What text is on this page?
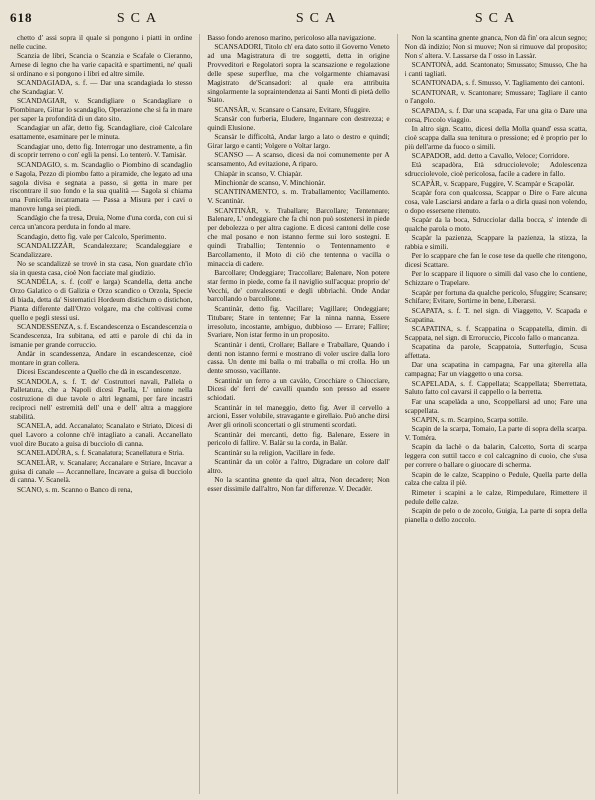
618	SCA	SCA	SCA

chetto d' assi sopra il quale si pongono i piatti in ordine nelle cucine.

Scanzia de libri, Scancia o Scanzia e Scafale o Cieranno, Arnese di legno che ha varie capacità e spartimenti, ne' quali si ordinano e si pongono i libri ed altre simile.

SCANDAGIADA, s. f. — Dar una scandagiada lo stesso che Scandagiar. V.

SCANDAGIAR, v. Scandigliare o Scandagliare o Piombinare, Gittar lo scandaglio, Operazione che si fa in mare per saper la profondità di un dato sito.

Scandagiar un afàr, detto fig. Scandagliare, cioè Calcolare esattamente, esaminare per le minuta.

Scandagiar uno, detto fig. Interrogar uno destramente, a fin di scoprir terreno o con' egli la pensi. Lo tenterò. V. Tamisàr.

SCANDAGIO, s. m. Scandaglio o Piombino di scandaglio e Sagola, Pezzo di piombo fatto a piramide, che legato ad una sagola divisa e segnata a passo, si getta in mare per riscontrare il suo fondo e la sua qualità — Sagola si chiama una Funicella incatramata — Passa a Misura per i cavi o manovre lunga sei piedi.

Scandàgio che fa tresa, Druia, Nome d'una corda, con cui si cerca un'ancora perduta in fondo al mare.

Scandagio, detto fig. vale per Calcolo, Sperimento.

SCANDALIZZÀR, Scandalezzare; Scandaleggiare e Scandalizzare.

No se scandalizzè se trovè in sta casa, Non guardate ch'io sia in questa casa, cioè Non facciate mal giudizio.

SCANDÈLA, s. f. (coll' e larga) Scandella, detta anche Orzo Galatico o di Galizia e Orzo scandico o Orzola, Specie di biada, detta da' Sistematici Hordeum distichum o distichon, Pianta differente dall'Orzo volgare, ma che coltivasi come quello e pegli stessi usi.

SCANDESSENZA, s. f. Escandescenza o Escandescenzia o Scandescenza, Ira subitana, ed atti e parole di chi da in ismanie per grande corruccio.

Andàr in scandessenza, Andare in escandescenze, cioè montare in gran collera.

Dicesi Escandescente a Quello che dà in escandescenze.

SCANDOLA, s. f. T. de' Costruttori navali, Pallela o Palletatura, che a Napoli dicesi Paella, L' unione nella costruzione di due tavole o altri legnami, per fare incastri reciproci nell' estremità dell' una e dell' altra a maggiore stabilità.

SCANELA, add. Accanalato; Scanalato e Striato, Dicesi di quel Lavoro a colonne ch'è intagliato a canali. Accanellato vuol dire Bucato a guisa di bucciolo di canna.

SCANELADÙRA, s. f. Scanalatura; Scanellatura e Stria.

SCANELÀR, v. Scanalare; Accanalare e Striare, Incavar a guisa di canale — Accannellare, Incavare a guisa di bucciolo di canna. V. Scanelà.

SCANO, s. m. Scanno o Banco di rena,

Basso fondo arenoso marino, pericoloso alla navigazione.

SCANSADORI, Titolo ch' era dato sotto il Governo Veneto ad una Magistratura di tre soggetti, detta in origine Provveditori e Regolatori sopra la scansazione e regolazione delle spese superflue, ma che volgarmente chiamavasi Magistrato de'Scansadori: al quale era attribuita singolarmente la sopraintendenza ai Santi Monti di pietà dello Stato.

SCANSÀR, v. Scansare o Cansare, Evitare, Sfuggire.

Scansàr con furberia, Eludere, Ingannare con destrezza; e quindi Elusione.

Scansàr le difficoltà, Andar largo a lato o destro e quindi; Girar largo e canti; Volgere o Voltar largo.

SCANSO — A scanso, dicesi da noi comunemente per A scansamento, Ad evitazione, A riparo.

Chiapàr in scanso, V. Chiapàr.

Minchionàr de scanso, V. Minchionàr.

SCANTINAMENTO, s. m. Traballamento; Vacillamento. V. Scantinàr.

SCANTINÀR, v. Traballare; Barcollare; Tentennare; Balenare, L' ondeggiare che fa chi non può sostenersi in piede per debolezza o per altra cagione. E dicesi cantoni delle cose che mal posano e non istanno ferme sui loro sostegni. E quindi Traballio; Tentennio o Tentennamento e Barcollamento, il Moto di ciò che tentenna o vacilla o minaccia di cadere.

Barcollare; Ondeggiare; Traccollare; Balenare, Non potere star fermo in piede, come fa il naviglio sull'acqua: proprio de' Vecchi, de' convalescenti e degli ubbriachi. Onde Andar barcollando o barcollone.

Scantinàr, detto fig. Vacillare; Vagillare; Ondeggiare; Titubare; Stare in tentenne; Far la ninna nanna, Essere irresoluto, incostante, ambiguo, dubbioso — Errare; Fallire; Svariare, Non istar fermo in un proposito.

Scantinàr i denti, Crollare; Ballare e Traballare, Quando i denti non istanno fermi e mostrano di voler uscire dalla loro cassa. Un dente mi balla o mi traballa o mi crolla. Ho un dente smosso, vacillante.

Scantinàr un ferro a un cavàlo, Crocchiare o Chiocciare, Dicesi de' ferri de' cavalli quando son presso ad essere schiodati.

Scantinàr in tel maneggio, detto fig. Aver il cervello a arcioni, Esser volubile, stravagante e girellaio. Può anche dirsi Aver gli orinoli sconcertati o gli strumenti scordati.

Scantinàr dei mercanti, detto fig. Balenare, Essere in pericolo di fallire. V. Balàr su la corda, in Balàr.

Scantinàr su la religion, Vacillare in fede.

Scantinàr da un colòr a l'altro, Digradare un colore dall' altro.

No la scantina gnente da quel altra, Non decadere; Non esser dissimile dall'altro, Non far differenze. V. Decadèr.

Non la scantina gnente gnanca, Non dà fin' ora alcun segno; Non dà indizio; Non si muove; Non si rimuove dal proposito; Non s' altera. V. Lassarse da l' osso in Lassàr.

SCANTONÀ, add. Scantonato; Smussato; Smusso, Che ha i canti tagliati.

SCANTONADA, s. f. Smusso, V. Tagliamento dei cantoni.

SCANTONAR, v. Scantonare; Smussare; Tagliare il canto o l'angolo.

SCAPADA, s. f. Dar una scapada, Far una gita o Dare una corsa, Piccolo viaggio.

In altro sign. Scatto, dicesi della Molla quand' essa scatta, cioè scappa dalla sua tenitura o pressione; ed è proprio per lo più dell'arme da fuoco o simili.

SCAPADOR, add. detto a Cavallo, Veloce; Corridore.

Età scapadòra, Età sdrucciolevole; Adolescenza sdrucciolevole, cioè pericolosa, facile a cadere in fallo.

SCAPÀR, v. Scappare, Fuggire, V. Scampàr e Scapolàr.

Scapàr fora con qualcossa, Scappar o Dire o Fare alcuna cosa, vale Lasciarsi andare a farla o a dirla quasi non volendo, o dopo essersene ritenuto.

Scapàr da la boca, Sdrucciolar dalla bocca, s' intende di qualche parola o moto.

Scapàr la pazienza, Scappare la pazienza, la stizza, la rabbia e simili.

Per lo scappare che fan le cose tese da quelle che ritengono, dicesi Scattare.

Per lo scappare il liquore o simili dal vaso che lo contiene, Schizzare o Trapelare.

Scapàr per fortuna da qualche pericolo, Sfuggire; Scansare; Schifare; Evitare, Sortirne in bene, Liberarsi.

SCAPATA, s. f. T. nel sign. di Viaggetto, V. Scapada e Scapatina.

SCAPATINA, s. f. Scappatina o Scappatella, dimin. di Scappata, nel sign. di Erroruccio, Piccolo fallo o mancanza.

Scapatina da parole, Scappatoia, Sutterfugio, Scusa affettata.

Dar una scapatina in campagna, Far una giterella alla campagna; Far un viaggetto o una corsa.

SCAPELADA, s. f. Cappellata; Scappellata; Sberrettata, Saluto fatto col cavarsi il cappello o la berretta.

Far una scapelàda a uno, Scoppellarsi ad uno; Fare una scappellata.

SCAPIN, s. m. Scarpino, Scarpa sottile.

Scapin de la scarpa, Tomaio, La parte di sopra della scarpa. V. Tomèra.

Scapin da lachè o da balarin, Calcetto, Sorta di scarpa leggera con suttil tacco e col calcagnino di cuoio, che s'usa per correre o ballare o giuocare di scherma.

Scapin de le calze, Scappino o Pedule, Quella parte della calza che calza il piè.

Rimeter i scapini a le calze, Rimpedulare, Rimettere il pedule delle calze.

Scapin de pelo o de zocolo, Guigia, La parte di sopra della pianella o dello zoccolo.
